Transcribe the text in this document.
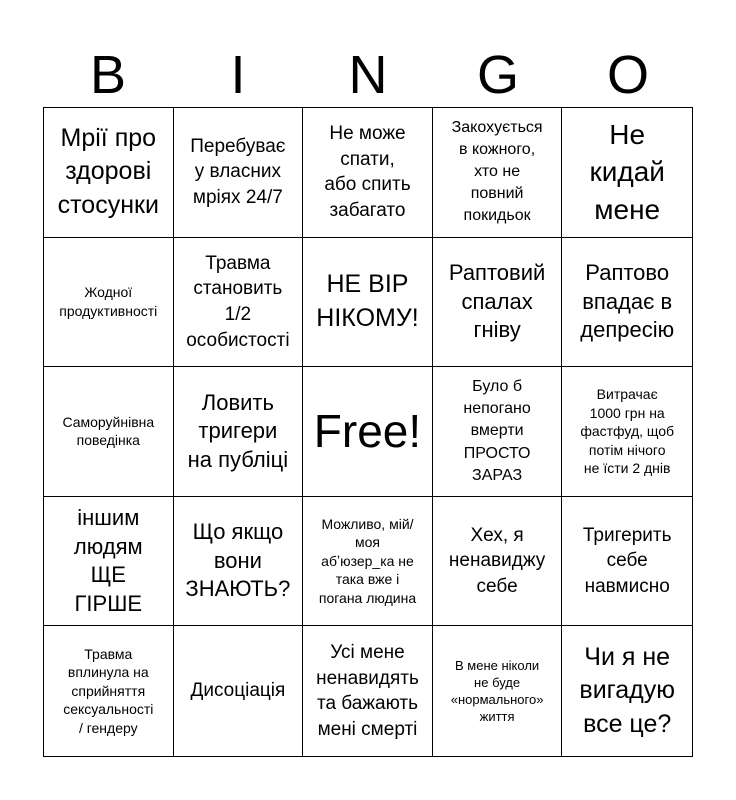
B	I	N	G	O
Мрії про
здорові
стосунки
Перебуває
у власних
мріях 24/7
Не може
спати,
або спить
забагато
Закохується
в кожного,
хто не
повний
покидьок
Не
кидай
мене
Жодної
продуктивності
Травма
становить
1/2
особистості
НЕ ВІР
НІКОМУ!
Раптовий
спалах
гніву
Раптово
впадає в
депресію
Саморуйнівна
поведінка
Ловить
тригери
на публіці
Free!
Було б
непогано
вмерти
ПРОСТО
ЗАРАЗ
Витрачає
1000 грн на
фастфуд, щоб
потім нічого
не їсти 2 днів
іншим
людям
ЩЕ
ГІРШЕ
Що якщо
вони
ЗНАЮТЬ?
Можливо, мій/
моя
абʼюзер_ка не
така вже і
погана людина
Хех, я
ненавиджу
себе
Тригерить
себе
навмисно
Травма
вплинула на
сприйняття
сексуальності
/ гендеру
Дисоціація
Усі мене
ненавидять
та бажають
мені смерті
В мене ніколи
не буде
«нормального»
життя
Чи я не
вигадую
все це?
